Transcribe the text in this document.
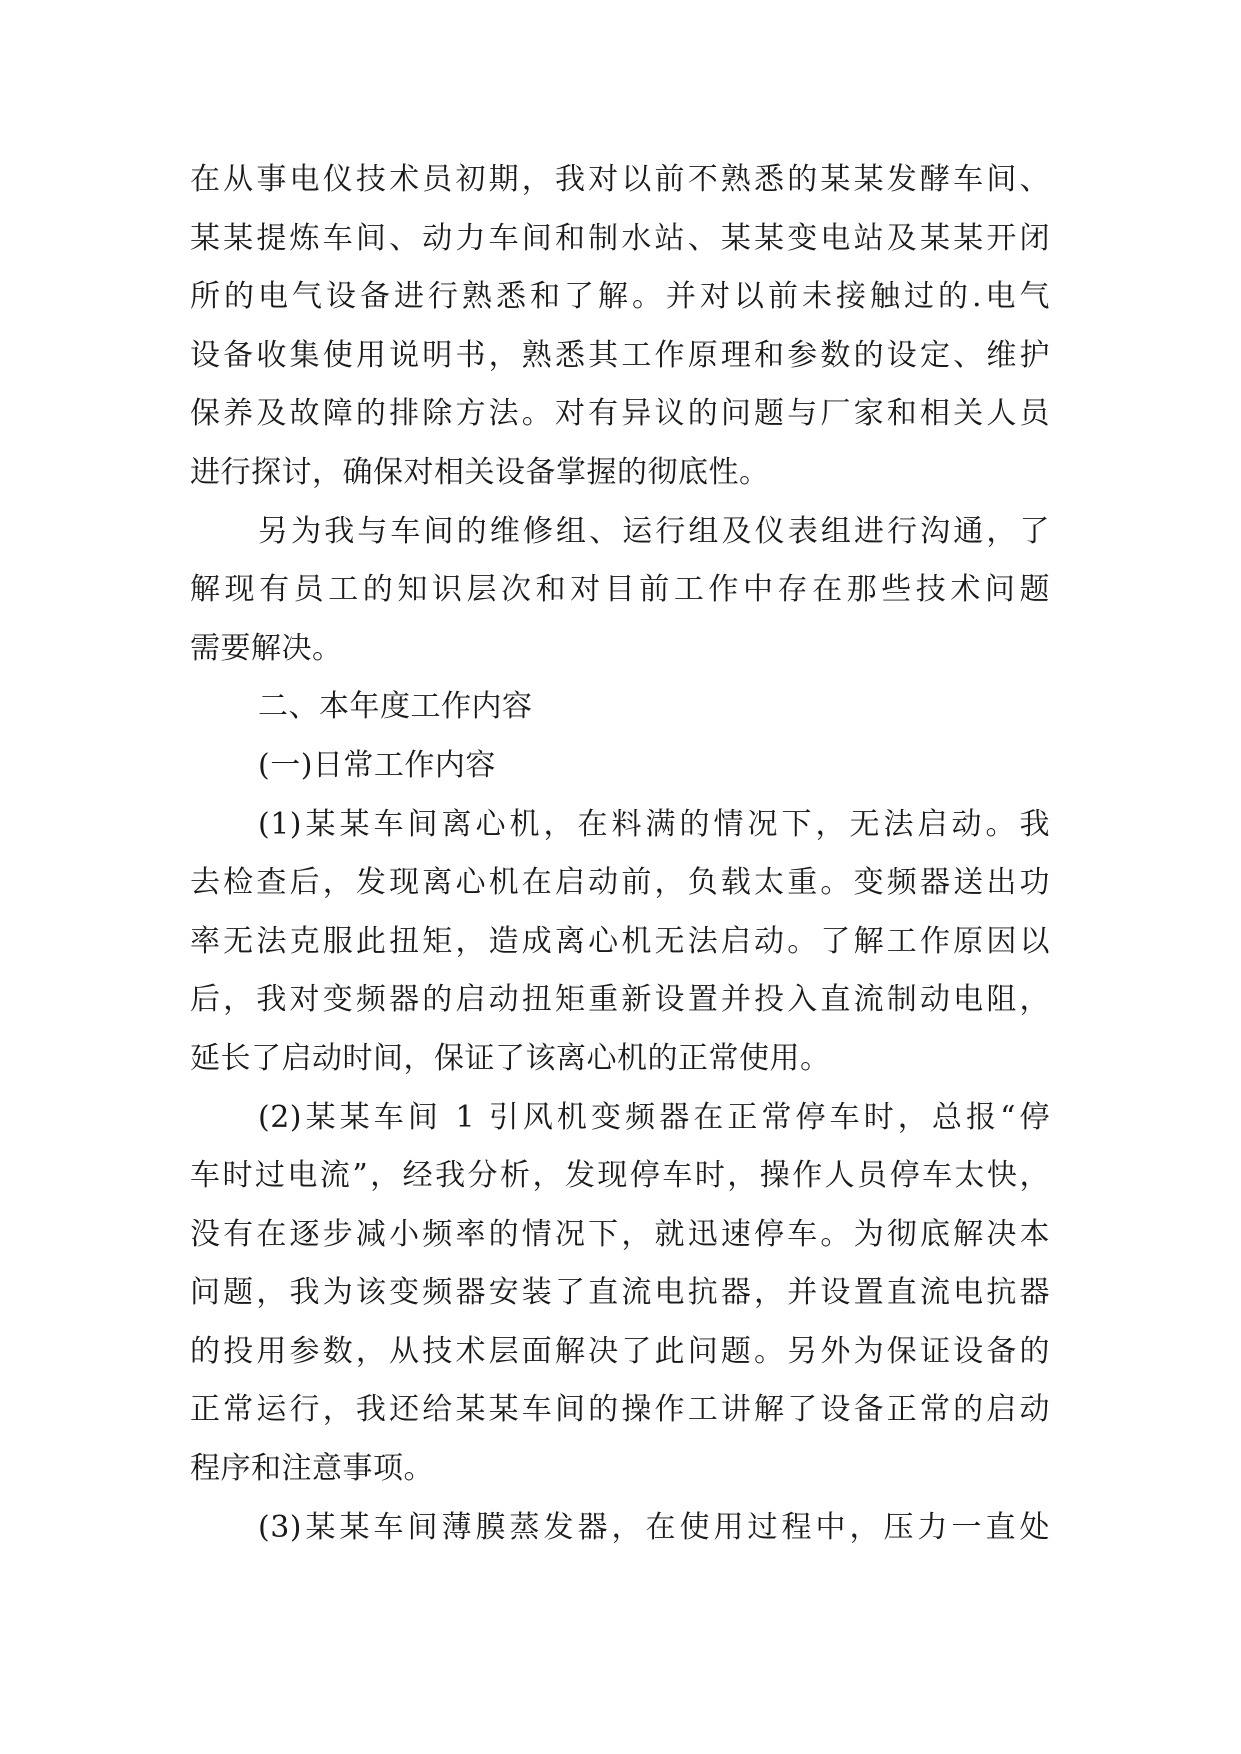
在从事电仪技术员初期，我对以前不熟悉的某某发酵车间、
某某提炼车间、动力车间和制水站、某某变电站及某某开闭
所的电气设备进行熟悉和了解。并对以前未接触过的.电气
设备收集使用说明书，熟悉其工作原理和参数的设定、维护
保养及故障的排除方法。对有异议的问题与厂家和相关人员
进行探讨，确保对相关设备掌握的彻底性。
另为我与车间的维修组、运行组及仪表组进行沟通，了
解现有员工的知识层次和对目前工作中存在那些技术问题
需要解决。
二、本年度工作内容
(一)日常工作内容
(1)某某车间离心机，在料满的情况下，无法启动。我
去检查后，发现离心机在启动前，负载太重。变频器送出功
率无法克服此扭矩，造成离心机无法启动。了解工作原因以
后，我对变频器的启动扭矩重新设置并投入直流制动电阻，
延长了启动时间，保证了该离心机的正常使用。
(2)某某车间 1 引风机变频器在正常停车时，总报“停
车时过电流”，经我分析，发现停车时，操作人员停车太快，
没有在逐步减小频率的情况下，就迅速停车。为彻底解决本
问题，我为该变频器安装了直流电抗器，并设置直流电抗器
的投用参数，从技术层面解决了此问题。另外为保证设备的
正常运行，我还给某某车间的操作工讲解了设备正常的启动
程序和注意事项。
(3)某某车间薄膜蒸发器，在使用过程中，压力一直处
